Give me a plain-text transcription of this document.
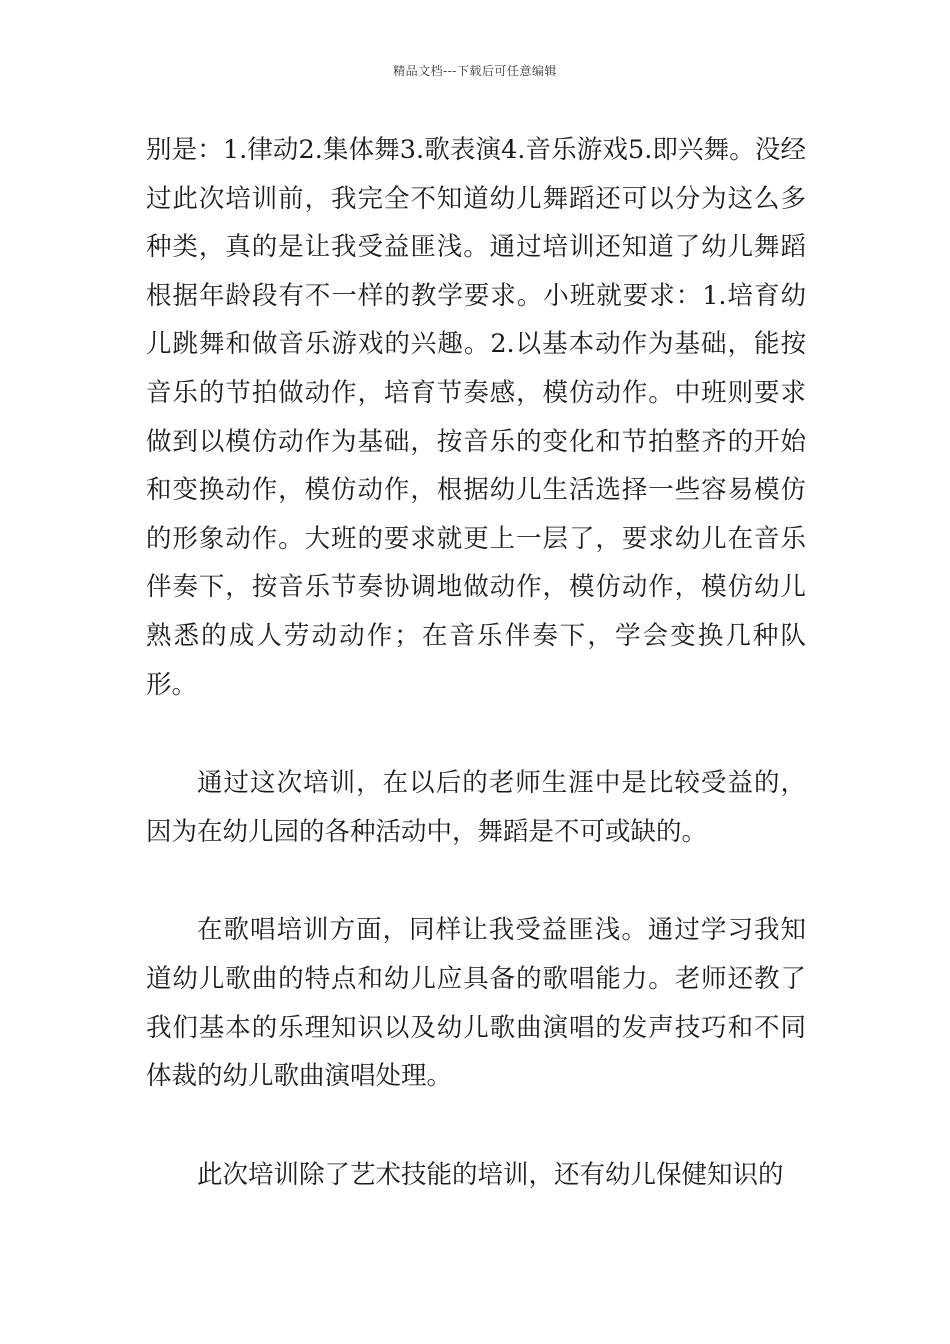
精品文档---下载后可任意编辑

别是：1.律动2.集体舞3.歌表演4.音乐游戏5.即兴舞。没经过此次培训前，我完全不知道幼儿舞蹈还可以分为这么多种类，真的是让我受益匪浅。通过培训还知道了幼儿舞蹈根据年龄段有不一样的教学要求。小班就要求：1.培育幼儿跳舞和做音乐游戏的兴趣。2.以基本动作为基础，能按音乐的节拍做动作，培育节奏感，模仿动作。中班则要求做到以模仿动作为基础，按音乐的变化和节拍整齐的开始和变换动作，模仿动作，根据幼儿生活选择一些容易模仿的形象动作。大班的要求就更上一层了，要求幼儿在音乐伴奏下，按音乐节奏协调地做动作，模仿动作，模仿幼儿熟悉的成人劳动动作；在音乐伴奏下，学会变换几种队形。

通过这次培训，在以后的老师生涯中是比较受益的，因为在幼儿园的各种活动中，舞蹈是不可或缺的。

在歌唱培训方面，同样让我受益匪浅。通过学习我知道幼儿歌曲的特点和幼儿应具备的歌唱能力。老师还教了我们基本的乐理知识以及幼儿歌曲演唱的发声技巧和不同体裁的幼儿歌曲演唱处理。

此次培训除了艺术技能的培训，还有幼儿保健知识的
